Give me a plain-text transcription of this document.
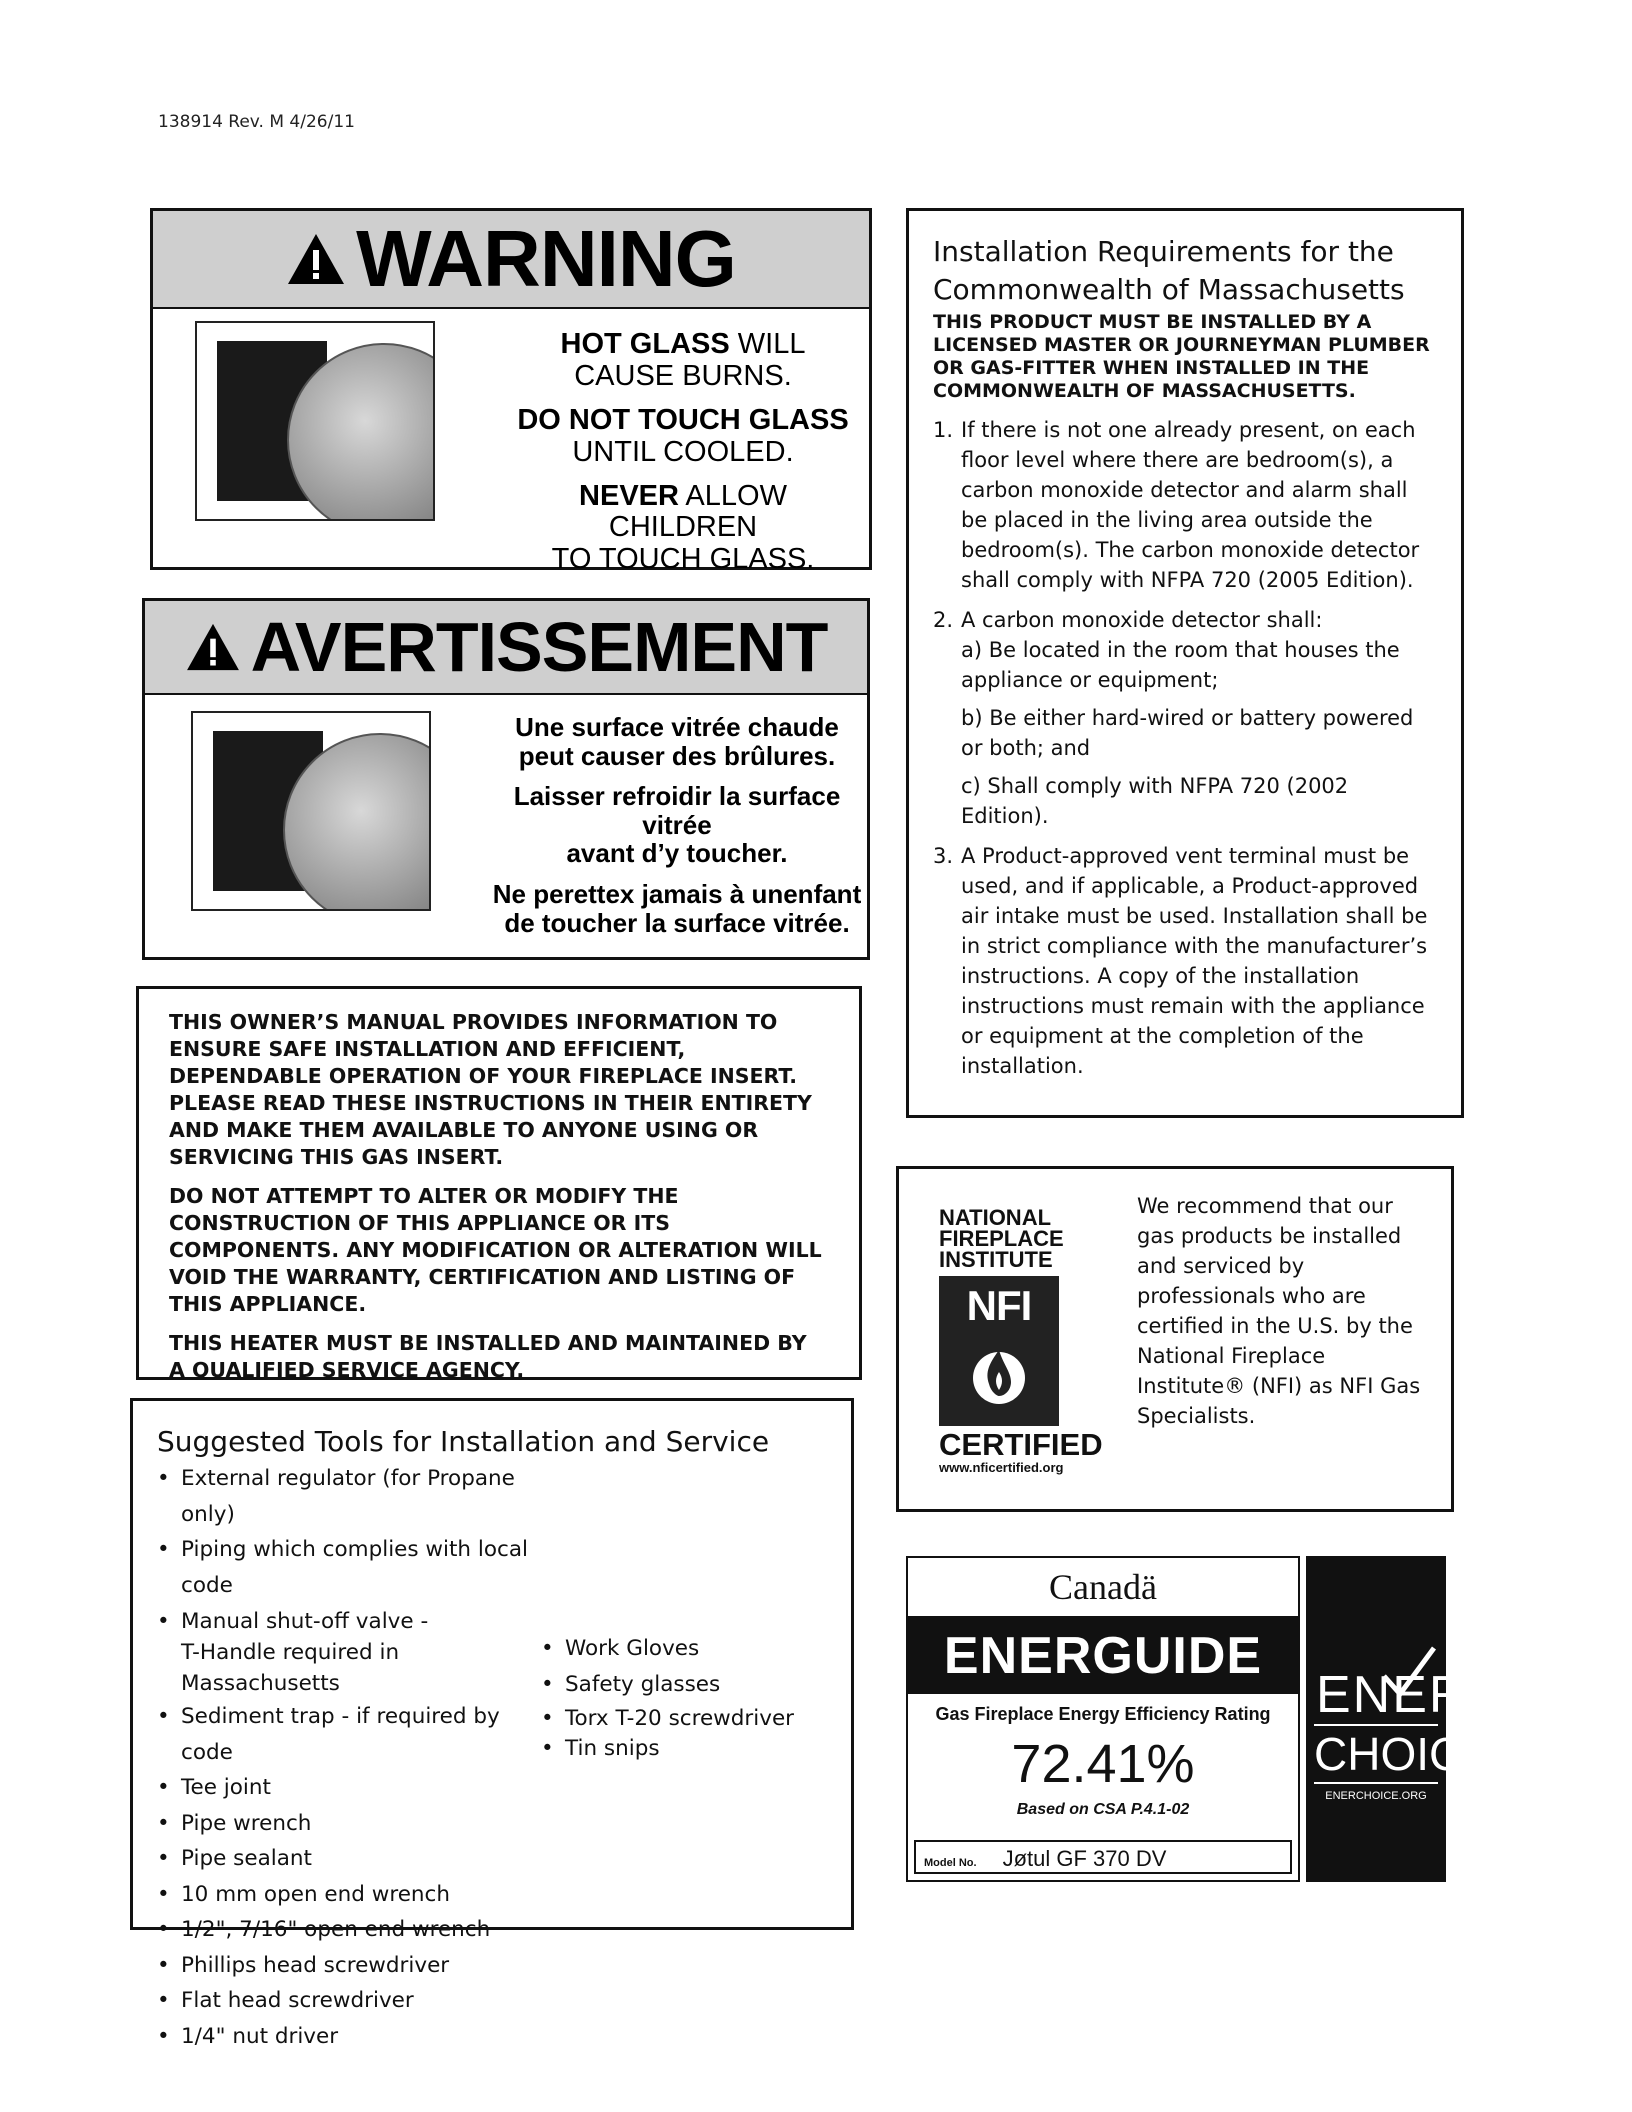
138914 Rev. M 4/26/11
WARNING

HOT GLASS WILL

CAUSE BURNS.

DO NOT TOUCH GLASS

UNTIL COOLED.

NEVER ALLOW CHILDREN

TO TOUCH GLASS.

AVERTISSEMENT

Une surface vitrée chaude

peut causer des brûlures.

Laisser refroidir la surface vitrée

avant d’y toucher.

Ne perettex jamais à unenfant

de toucher la surface vitrée.

THIS OWNER’S MANUAL PROVIDES INFORMATION TO ENSURE SAFE INSTALLATION AND EFFICIENT, DEPENDABLE OPERATION OF YOUR FIREPLACE INSERT. PLEASE READ THESE INSTRUCTIONS IN THEIR ENTIRETY AND MAKE THEM AVAILABLE TO ANYONE USING OR SERVICING THIS GAS INSERT.

DO NOT ATTEMPT TO ALTER OR MODIFY THE CONSTRUCTION OF THIS APPLIANCE OR ITS COMPONENTS. ANY MODIFICATION OR ALTERATION WILL VOID THE WARRANTY, CERTIFICATION AND LISTING OF THIS APPLIANCE.

THIS HEATER MUST BE INSTALLED AND MAINTAINED BY A QUALIFIED SERVICE AGENCY.

Suggested Tools for Installation and Service

• External regulator (for Propane only)
• Piping which complies with local code
• Manual shut-off valve -
T-Handle required in Massachusetts
• Sediment trap - if required by code
• Tee joint
• Pipe wrench
• Pipe sealant
• 10 mm open end wrench
• 1/2", 7/16" open end wrench
• Phillips head screwdriver
• Flat head screwdriver
• 1/4" nut driver
• Work Gloves
• Safety glasses
• Torx T-20 screwdriver
• Tin snips

Installation Requirements for the

Commonwealth of Massachusetts

THIS PRODUCT MUST BE INSTALLED BY A LICENSED MASTER OR JOURNEYMAN PLUMBER OR GAS-FITTER WHEN INSTALLED IN THE COMMONWEALTH OF MASSACHUSETTS.

1. If there is not one already present, on each floor level where there are bedroom(s), a carbon monoxide detector and alarm shall be placed in the living area outside the bedroom(s). The carbon monoxide detector shall comply with NFPA 720 (2005 Edition).
2. A carbon monoxide detector shall:
a) Be located in the room that houses the appliance or equipment;
b) Be either hard-wired or battery powered or both; and
c) Shall comply with NFPA 720 (2002 Edition).
3. A Product-approved vent terminal must be used, and if applicable, a Product-approved air intake must be used. Installation shall be in strict compliance with the manufacturer’s instructions. A copy of the installation instructions must remain with the appliance or equipment at the completion of the installation.
NATIONAL
FIREPLACE
INSTITUTE
NFI
CERTIFIED
www.nficertified.org
We recommend that our gas products be installed and serviced by professionals who are certified in the U.S. by the National Fireplace Institute® (NFI) as NFI Gas Specialists.
Canadä
ENERGUIDE
Gas Fireplace Energy Efficiency Rating
72.41%
Based on CSA P.4.1-02
Model No. Jøtul GF 370 DV
ENER
CHOICE
ENERCHOICE.ORG
